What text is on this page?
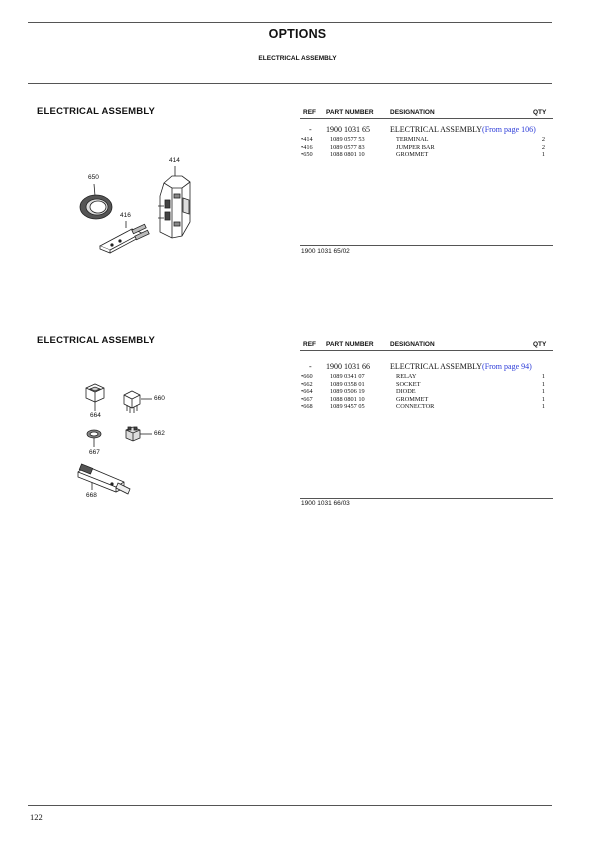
OPTIONS
ELECTRICAL ASSEMBLY
ELECTRICAL ASSEMBLY	REF PART NUMBER	DESIGNATION	QTY
- 1900 1031 65	ELECTRICAL ASSEMBLY(From page 106)
•414	1089 0577 53	TERMINAL	2
•416	1089 0577 83	JUMPER BAR	2
•650	1088 0801 10	GROMMET	1
1900 1031 65/02
414
650
416
ELECTRICAL ASSEMBLY	REF PART NUMBER	DESIGNATION	QTY
- 1900 1031 66	ELECTRICAL ASSEMBLY(From page 94)
•660	1089 0341 07	RELAY	1
•662	1089 0358 01	SOCKET	1
•664	1089 0506 19	DIODE	1
•667	1088 0801 10	GROMMET	1
•668	1089 9457 05	CONNECTOR	1
1900 1031 66/03
664
660
667
662
668
122
